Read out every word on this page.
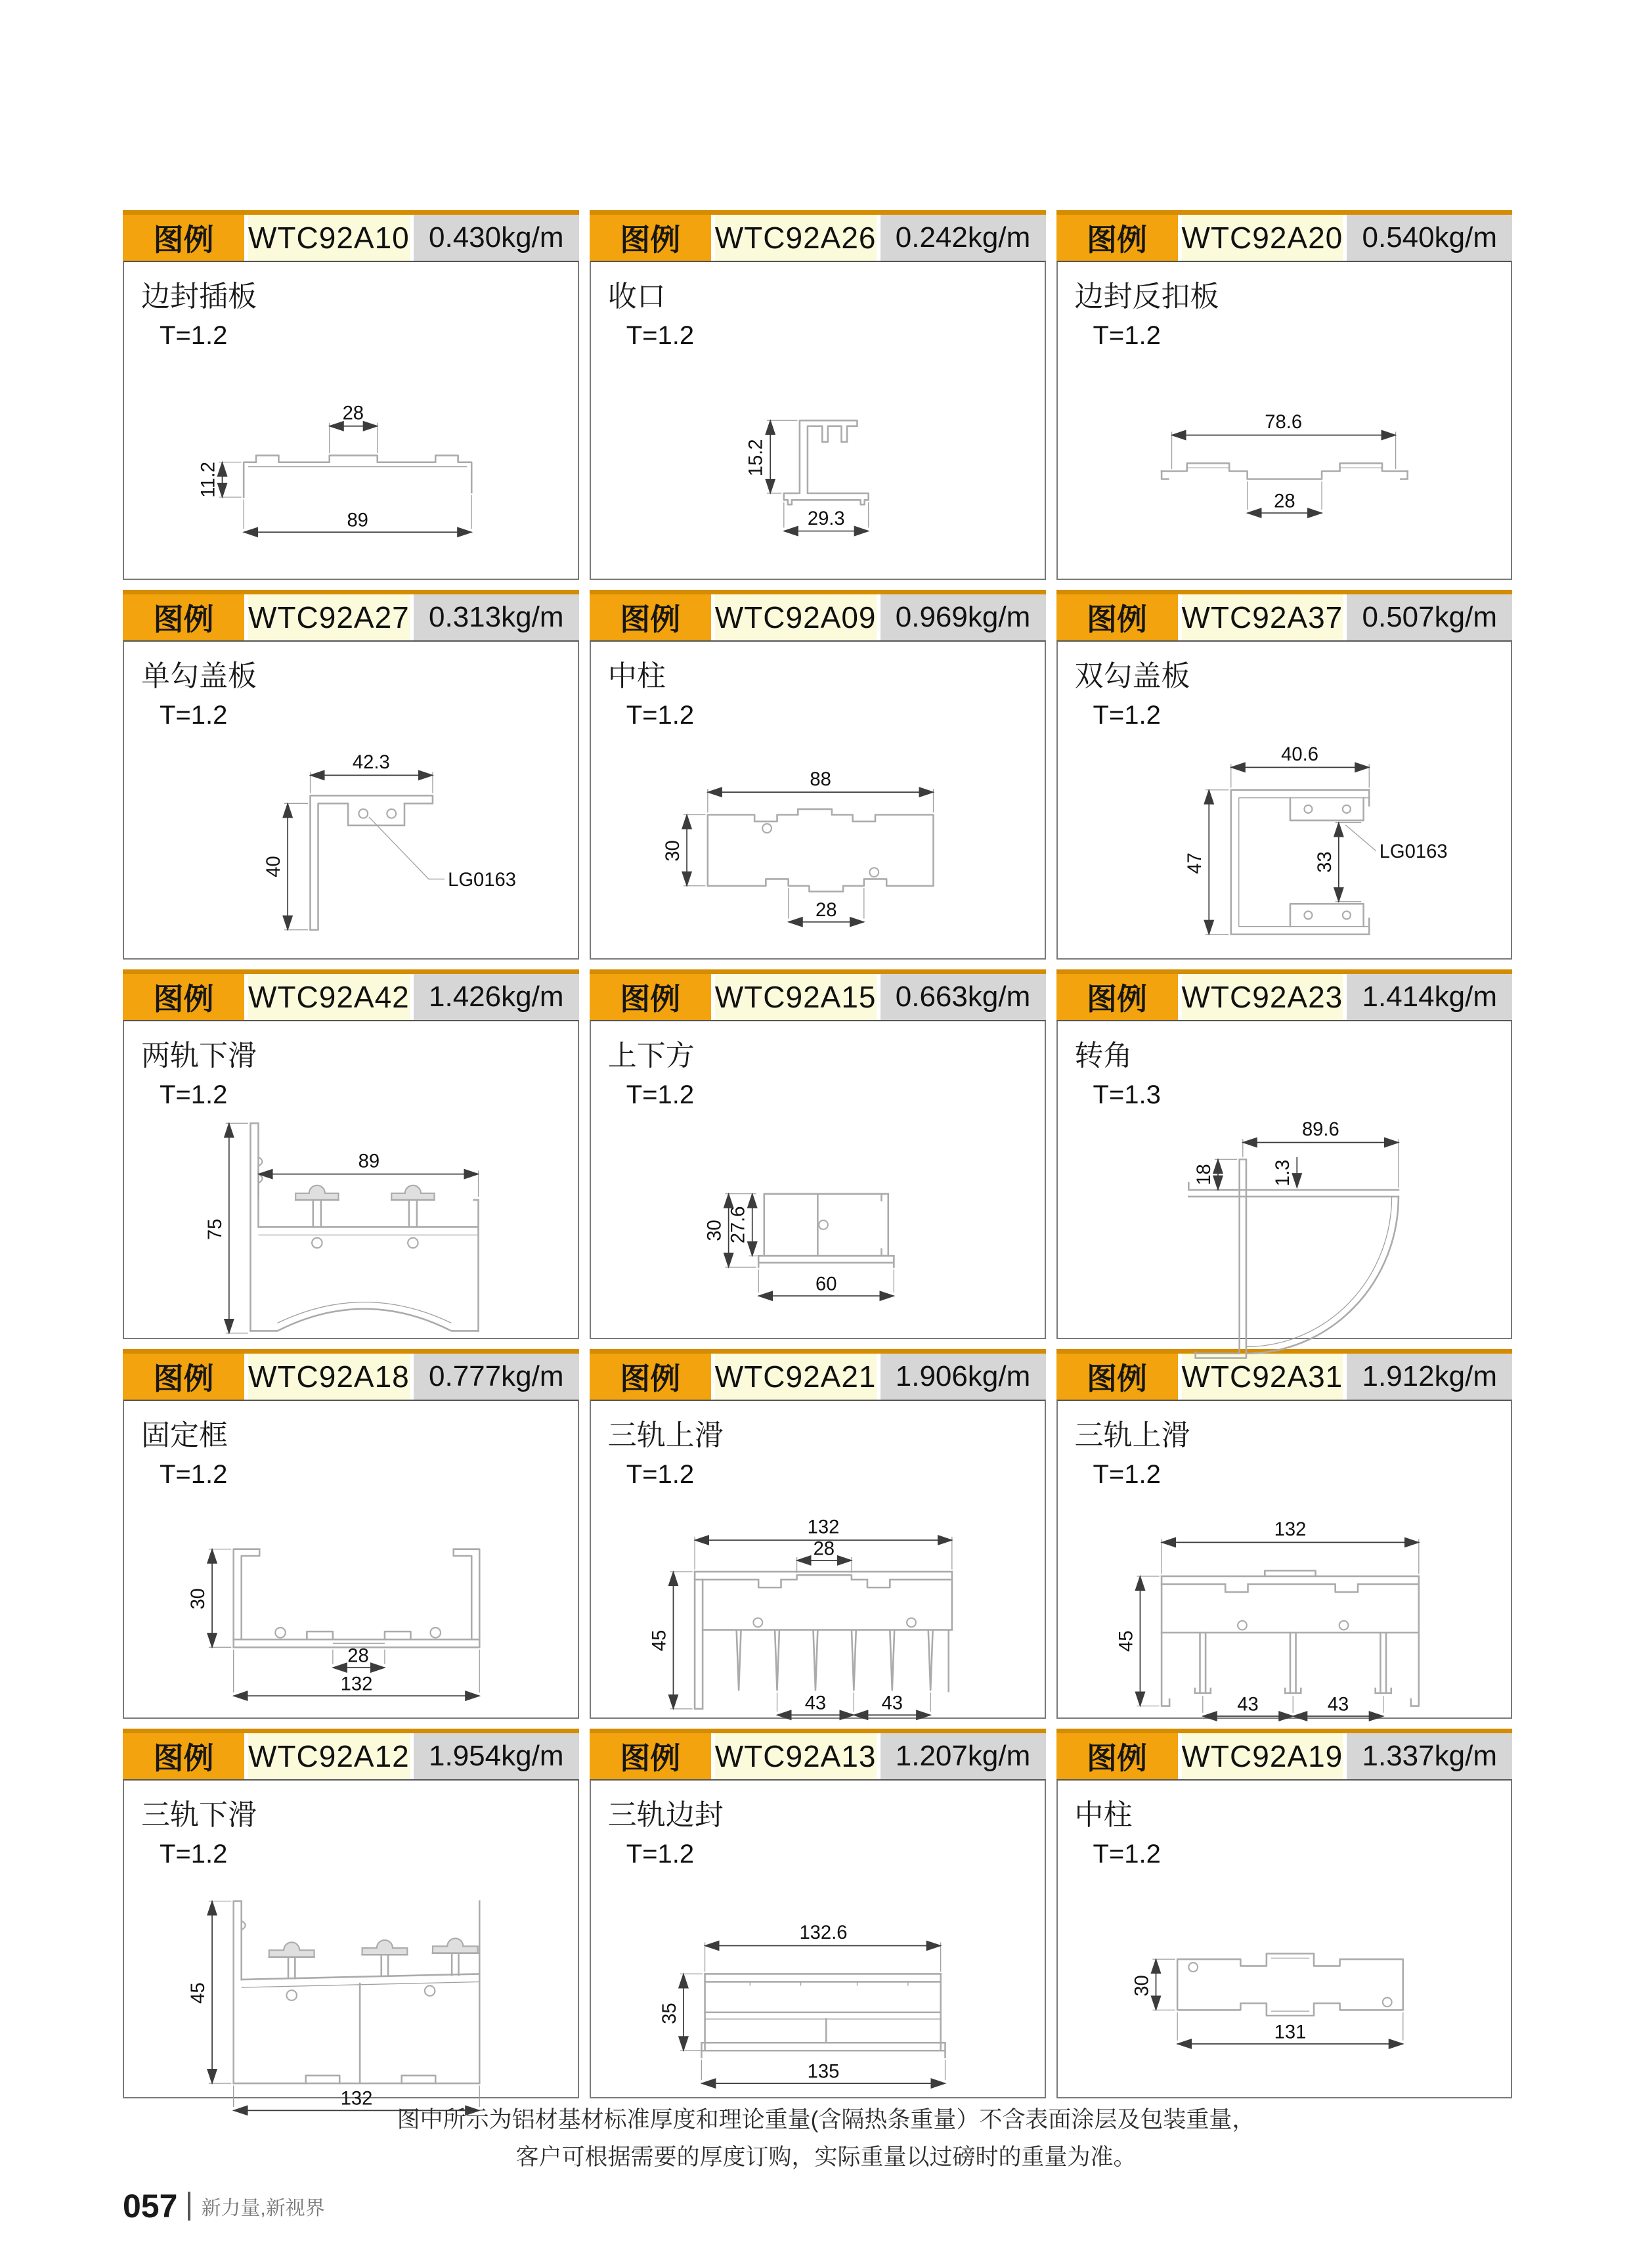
图例	WTC92A10 0.430kg/m
边封插板
T=1.2
28
11.2
89
图例	WTC92A26 0.242kg/m
收口
T=1.2
15.2
29.3
图例	WTC92A20 0.540kg/m
边封反扣板
T=1.2
78.6
28
图例	WTC92A27 0.313kg/m
单勾盖板
T=1.2
42.3
40
LG0163
图例	WTC92A09 0.969kg/m
中柱
T=1.2
88
30
28
图例	WTC92A37 0.507kg/m
双勾盖板
T=1.2
40.6
47	33 LG0163
图例	WTC92A42 1.426kg/m
两轨下滑
T=1.2
89
75
图例	WTC92A15 0.663kg/m
上下方
T=1.2
30 27.6
60
图例	WTC92A23 1.414kg/m
转角
T=1.3
89.6
18	1.3
图例	WTC92A18 0.777kg/m
固定框
T=1.2
30
28
132
图例	WTC92A21 1.906kg/m
三轨上滑
T=1.2
132
28
45
43 43
图例	WTC92A31 1.912kg/m
三轨上滑
T=1.2
132
45
43	43
图例	WTC92A12 1.954kg/m
三轨下滑
T=1.2
45
132
图例	WTC92A13 1.207kg/m
三轨边封
T=1.2
132.6
35
135
图例	WTC92A19 1.337kg/m
中柱
T=1.2
30
131
图中所示为铝材基材标准厚度和理论重量(含隔热条重量）不含表面涂层及包装重量，
客户可根据需要的厚度订购，实际重量以过磅时的重量为准。
057 新力量,新视界
